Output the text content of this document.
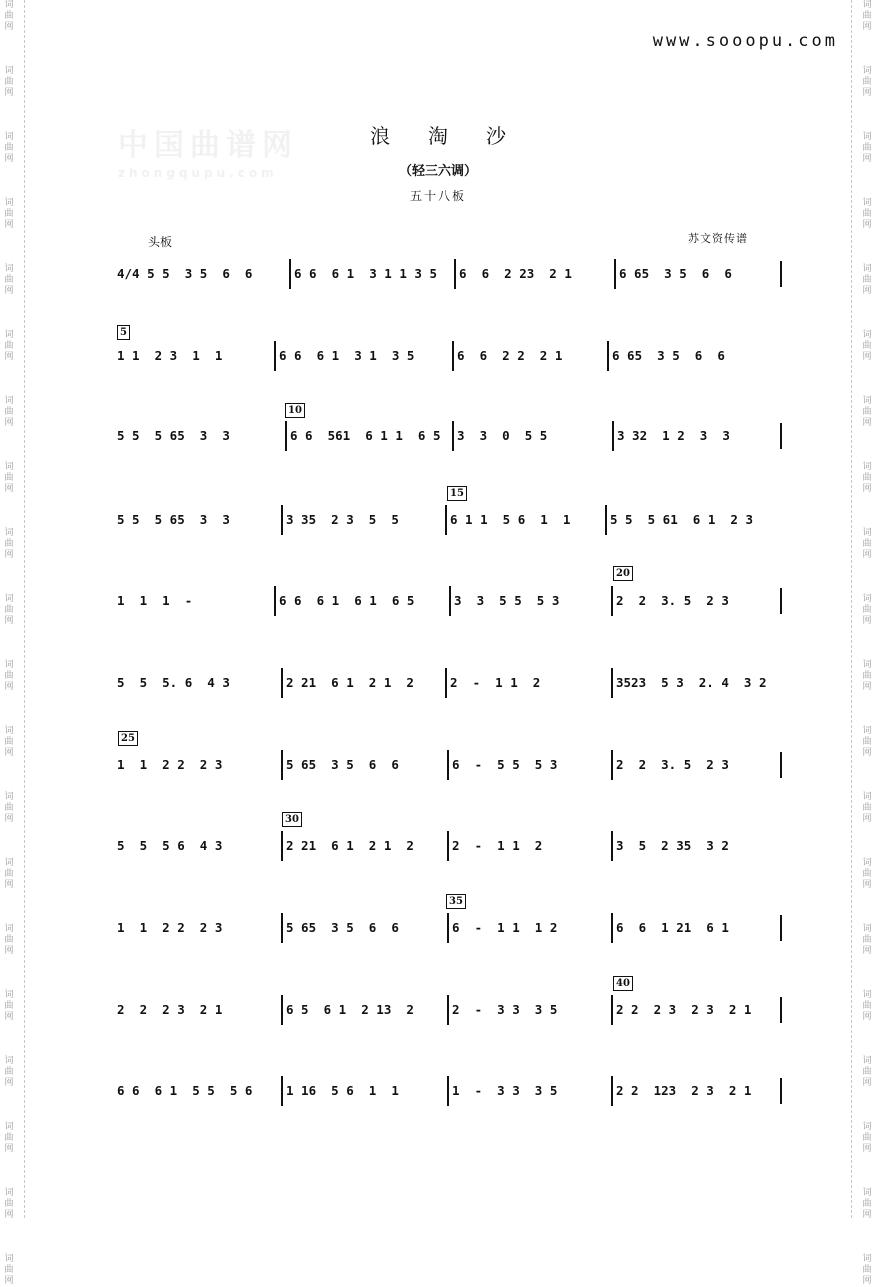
词
曲
网

词
曲
网

词
曲
网

词
曲
网

词
曲
网

词
曲
网

词
曲
网

词
曲
网

词
曲
网

词
曲
网

词
曲
网

词
曲
网

词
曲
网

词
曲
网

词
曲
网

词
曲
网

词
曲
网

词
曲
网

词
曲
网

词
曲
网
词
曲
网

词
曲
网

词
曲
网

词
曲
网

词
曲
网

词
曲
网

词
曲
网

词
曲
网

词
曲
网

词
曲
网

词
曲
网

词
曲
网

词
曲
网

词
曲
网

词
曲
网

词
曲
网

词
曲
网

词
曲
网

词
曲
网

词
曲
网
中国曲谱网
zhongqupu.com
www.sooopu.com
浪淘沙
（轻三六调）
五十八板
头板	苏文资传谱
4/4 5 5  3 5  6  6	6 6  6 1  3 1 1 3 5	6  6  2 23  2 1	6 65  3 5  6  6
5
1 1  2 3  1  1	6 6  6 1  3 1  3 5	6  6  2 2  2 1	6 65  3 5  6  6
10
5 5  5 65  3  3	6 6  561  6 1 1  6 5	3  3  0  5 5	3 32  1 2  3  3
15
5 5  5 65  3  3	3 35  2 3  5  5	6 1 1  5 6  1  1	5 5  5 61  6 1  2 3
20
1  1  1  -	6 6  6 1  6 1  6 5	3  3  5 5  5 3	2  2  3. 5  2 3
5  5  5. 6  4 3	2 21  6 1  2 1  2	2  -  1 1  2	3523  5 3  2. 4  3 2
25
1  1  2 2  2 3	5 65  3 5  6  6	6  -  5 5  5 3	2  2  3. 5  2 3
30
5  5  5 6  4 3	2 21  6 1  2 1  2	2  -  1 1  2	3  5  2 35  3 2
35
1  1  2 2  2 3	5 65  3 5  6  6	6  -  1 1  1 2	6  6  1 21  6 1
40
2  2  2 3  2 1	6 5  6 1  2 13  2	2  -  3 3  3 5	2 2  2 3  2 3  2 1
6 6  6 1  5 5  5 6	1 16  5 6  1  1	1  -  3 3  3 5	2 2  123  2 3  2 1
